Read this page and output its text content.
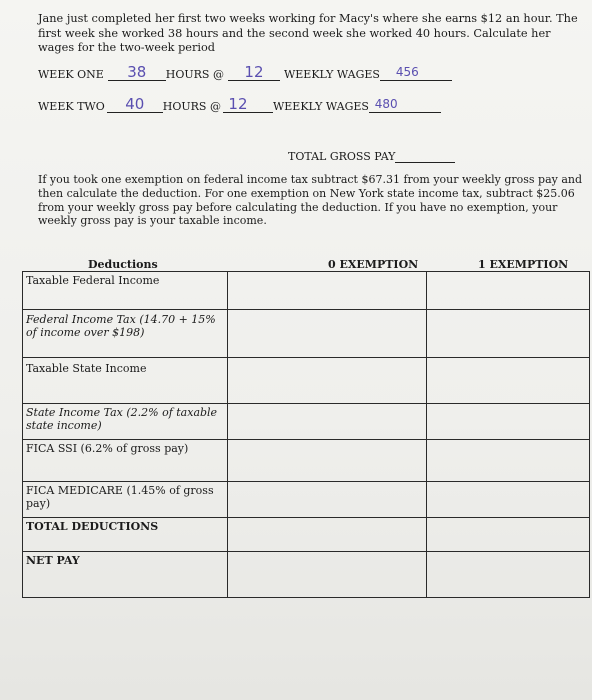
Jane just completed her first two weeks working for Macy's where she earns $12 an hour. The first week she worked 38 hours and the second week she worked 40 hours. Calculate her wages for the two-week period
WEEK ONE 38 HOURS @ 12 WEEKLY WAGES 456
WEEK TWO 40 HOURS @ 12 WEEKLY WAGES 480
TOTAL GROSS PAY
If you took one exemption on federal income tax subtract $67.31 from your weekly gross pay and then calculate the deduction. For one exemption on New York state income tax, subtract $25.06 from your weekly gross pay before calculating the deduction. If you have no exemption, your weekly gross pay is your taxable income.
Deductions	0 EXEMPTION	1 EXEMPTION
Taxable Federal Income		
Federal Income Tax (14.70 + 15% of income over $198)		
Taxable State Income		
State Income Tax (2.2% of taxable state income)		
FICA SSI (6.2% of gross pay)		
FICA MEDICARE (1.45% of gross pay)		
TOTAL DEDUCTIONS		
NET PAY		
